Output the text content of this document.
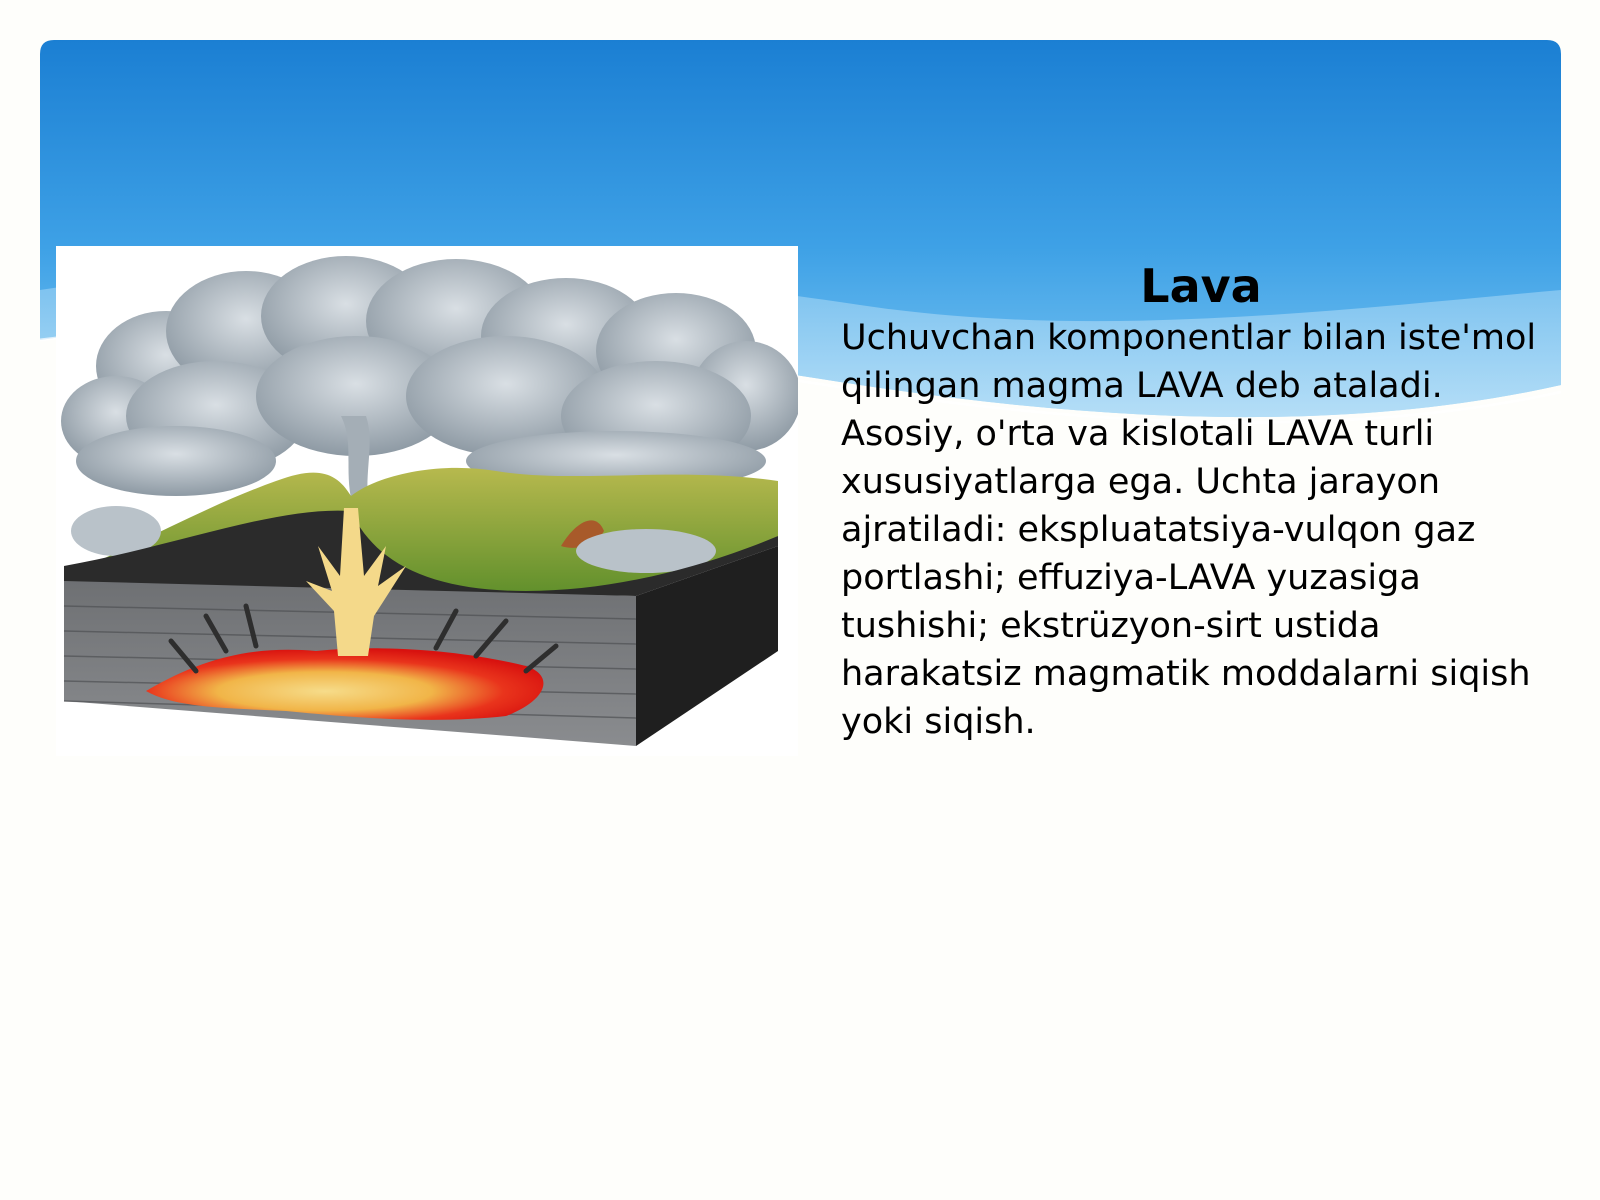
Lava

Uchuvchan komponentlar bilan iste'mol qilingan magma LAVA deb ataladi. Asosiy, o'rta va kislotali LAVA turli xususiyatlarga ega. Uchta jarayon ajratiladi: ekspluatatsiya-vulqon gaz portlashi; effuziya-LAVA yuzasiga tushishi; ekstrüzyon-sirt ustida harakatsiz magmatik moddalarni siqish yoki siqish.
